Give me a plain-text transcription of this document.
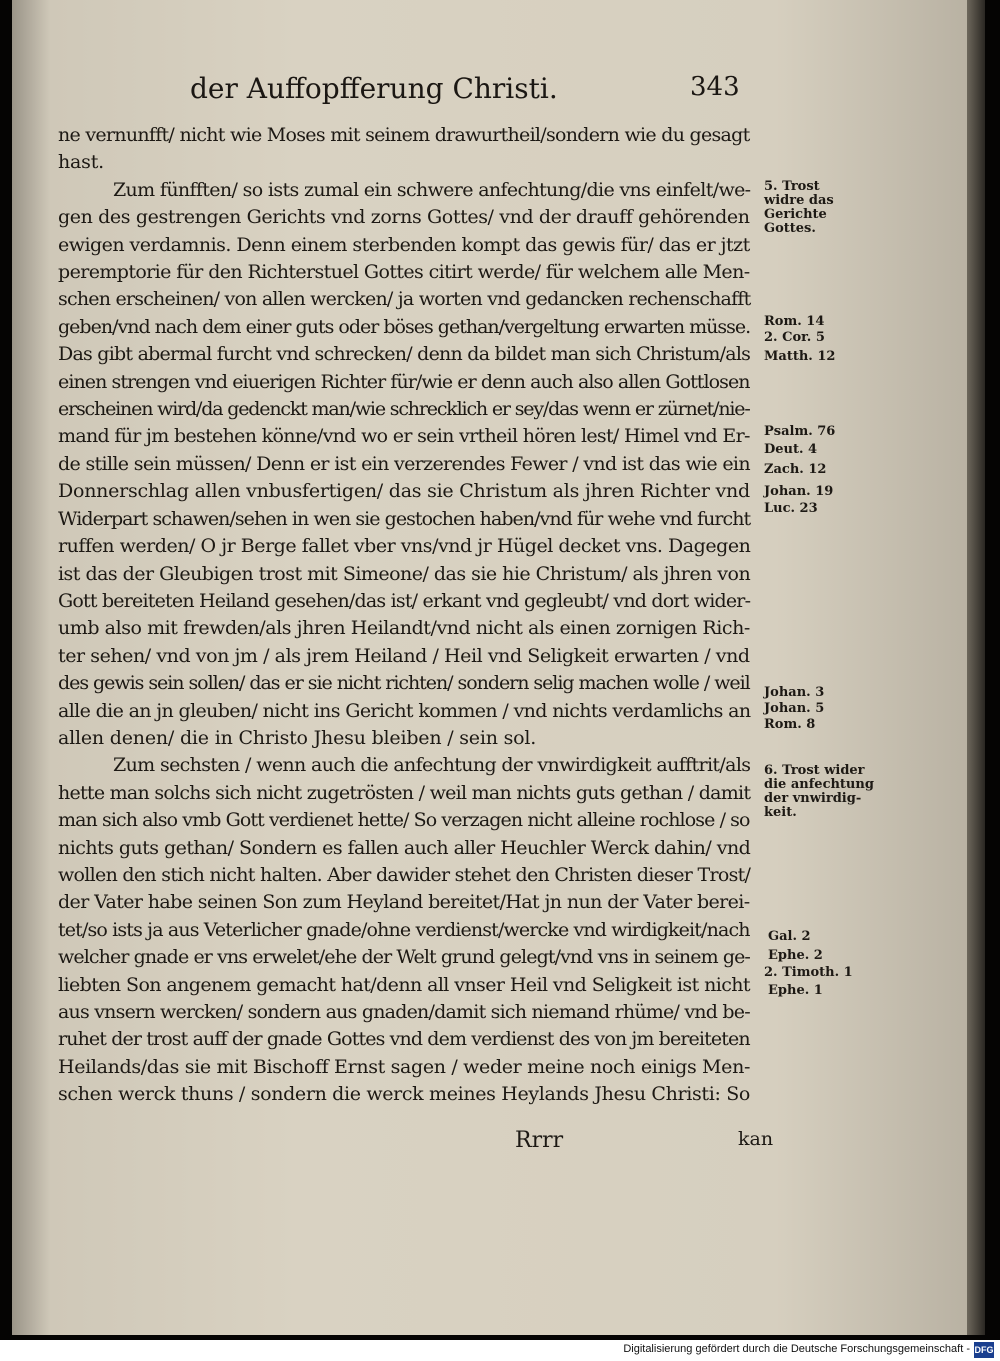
der Auffopfferung Christi.	343

ne vernunfft/ nicht wie Moses mit seinem drawurtheil/sondern wie du gesagt

hast.

Zum fünfften/ so ists zumal ein schwere anfechtung/die vns einfelt/we-

gen des gestrengen Gerichts vnd zorns Gottes/ vnd der drauff gehörenden

ewigen verdamnis. Denn einem sterbenden kompt das gewis für/ das er jtzt

peremptorie für den Richterstuel Gottes citirt werde/ für welchem alle Men-

schen erscheinen/ von allen wercken/ ja worten vnd gedancken rechenschafft

geben/vnd nach dem einer guts oder böses gethan/vergeltung erwarten müsse.

Das gibt abermal furcht vnd schrecken/ denn da bildet man sich Christum/als

einen strengen vnd eiuerigen Richter für/wie er denn auch also allen Gottlosen

erscheinen wird/da gedenckt man/wie schrecklich er sey/das wenn er zürnet/nie-

mand für jm bestehen könne/vnd wo er sein vrtheil hören lest/ Himel vnd Er-

de stille sein müssen/ Denn er ist ein verzerendes Fewer / vnd ist das wie ein

Donnerschlag allen vnbusfertigen/ das sie Christum als jhren Richter vnd

Widerpart schawen/sehen in wen sie gestochen haben/vnd für wehe vnd furcht

ruffen werden/ O jr Berge fallet vber vns/vnd jr Hügel decket vns. Dagegen

ist das der Gleubigen trost mit Simeone/ das sie hie Christum/ als jhren von

Gott bereiteten Heiland gesehen/das ist/ erkant vnd gegleubt/ vnd dort wider-

umb also mit frewden/als jhren Heilandt/vnd nicht als einen zornigen Rich-

ter sehen/ vnd von jm / als jrem Heiland / Heil vnd Seligkeit erwarten / vnd

des gewis sein sollen/ das er sie nicht richten/ sondern selig machen wolle / weil

alle die an jn gleuben/ nicht ins Gericht kommen / vnd nichts verdamlichs an

allen denen/ die in Christo Jhesu bleiben / sein sol.

Zum sechsten / wenn auch die anfechtung der vnwirdigkeit aufftrit/als

hette man solchs sich nicht zugetrösten / weil man nichts guts gethan / damit

man sich also vmb Gott verdienet hette/ So verzagen nicht alleine rochlose / so

nichts guts gethan/ Sondern es fallen auch aller Heuchler Werck dahin/ vnd

wollen den stich nicht halten. Aber dawider stehet den Christen dieser Trost/

der Vater habe seinen Son zum Heyland bereitet/Hat jn nun der Vater berei-

tet/so ists ja aus Veterlicher gnade/ohne verdienst/wercke vnd wirdigkeit/nach

welcher gnade er vns erwelet/ehe der Welt grund gelegt/vnd vns in seinem ge-

liebten Son angenem gemacht hat/denn all vnser Heil vnd Seligkeit ist nicht

aus vnsern wercken/ sondern aus gnaden/damit sich niemand rhüme/ vnd be-

ruhet der trost auff der gnade Gottes vnd dem verdienst des von jm bereiteten

Heilands/das sie mit Bischoff Ernst sagen / weder meine noch einigs Men-

schen werck thuns / sondern die werck meines Heylands Jhesu Christi: So

5. Trost widre das Gerichte Gottes.
Rom. 14
2. Cor. 5
Matth. 12
Psalm. 76
Deut. 4
Zach. 12
Johan. 19
Luc. 23
Johan. 3
Johan. 5
Rom. 8
6. Trost wider die anfechtung der vnwirdig-keit.
Gal. 2
Ephe. 2
2. Timoth. 1
Ephe. 1
Rrrr	kan
Digitalisierung gefördert durch die Deutsche Forschungsgemeinschaft - DFG
